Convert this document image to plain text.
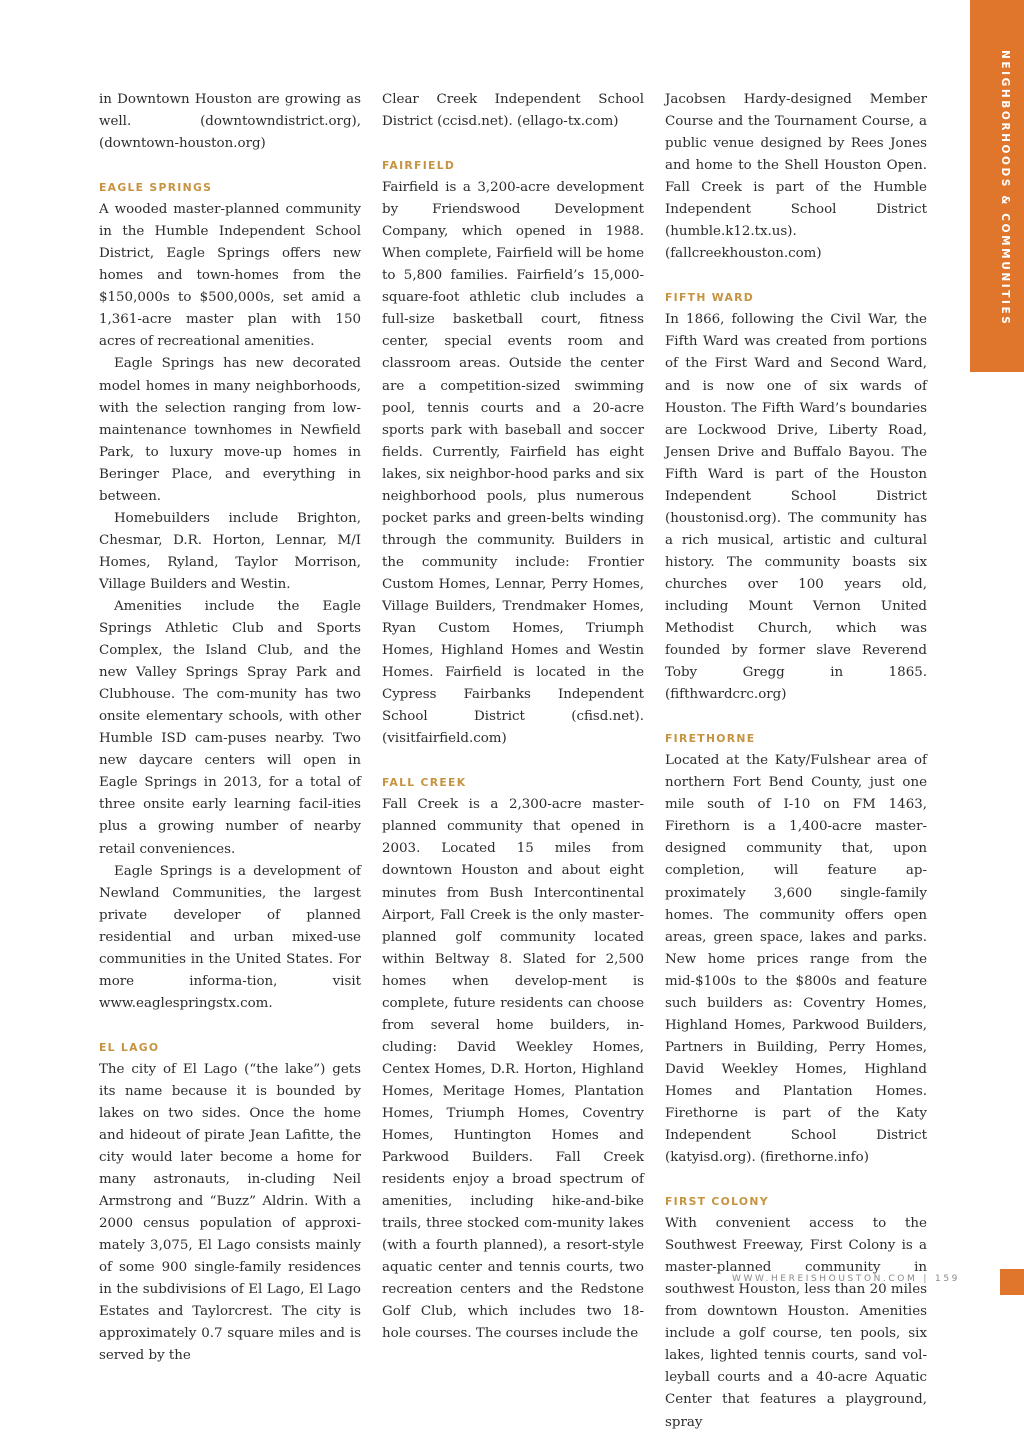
NEIGHBORHOODS & COMMUNITIES

in Downtown Houston are growing as well. (downtowndistrict.org), (downtown-houston.org)

EAGLE SPRINGS

A wooded master-planned community in the Humble Independent School District, Eagle Springs offers new homes and town-homes from the $150,000s to $500,000s, set amid a 1,361-acre master plan with 150 acres of recreational amenities.

Eagle Springs has new decorated model homes in many neighborhoods, with the selection ranging from low-maintenance townhomes in Newfield Park, to luxury move-up homes in Beringer Place, and everything in between.

Homebuilders include Brighton, Chesmar, D.R. Horton, Lennar, M/I Homes, Ryland, Taylor Morrison, Village Builders and Westin.

Amenities include the Eagle Springs Athletic Club and Sports Complex, the Island Club, and the new Valley Springs Spray Park and Clubhouse. The com-munity has two onsite elementary schools, with other Humble ISD cam-puses nearby. Two new daycare centers will open in Eagle Springs in 2013, for a total of three onsite early learning facil-ities plus a growing number of nearby retail conveniences.

Eagle Springs is a development of Newland Communities, the largest private developer of planned residential and urban mixed-use communities in the United States. For more informa-tion, visit www.eaglespringstx.com.

EL LAGO

The city of El Lago (“the lake”) gets its name because it is bounded by lakes on two sides. Once the home and hideout of pirate Jean Lafitte, the city would later become a home for many astronauts, in-cluding Neil Armstrong and “Buzz” Aldrin. With a 2000 census population of approxi-mately 3,075, El Lago consists mainly of some 900 single-family residences in the subdivisions of El Lago, El Lago Estates and Taylorcrest. The city is approximately 0.7 square miles and is served by the

Clear Creek Independent School District (ccisd.net). (ellago-tx.com)

FAIRFIELD

Fairfield is a 3,200-acre development by Friendswood Development Company, which opened in 1988. When complete, Fairfield will be home to 5,800 families. Fairfield’s 15,000- square-foot athletic club includes a full-size basketball court, fitness center, special events room and classroom areas. Outside the center are a competition-sized swimming pool, tennis courts and a 20-acre sports park with baseball and soccer fields. Currently, Fairfield has eight lakes, six neighbor-hood parks and six neighborhood pools, plus numerous pocket parks and green-belts winding through the community. Builders in the community include: Frontier Custom Homes, Lennar, Perry Homes, Village Builders, Trendmaker Homes, Ryan Custom Homes, Triumph Homes, Highland Homes and Westin Homes. Fairfield is located in the Cypress Fairbanks Independent School District (cfisd.net). (visitfairfield.com)

FALL CREEK

Fall Creek is a 2,300-acre master-planned community that opened in 2003. Located 15 miles from downtown Houston and about eight minutes from Bush Intercontinental Airport, Fall Creek is the only master-planned golf community located within Beltway 8. Slated for 2,500 homes when develop-ment is complete, future residents can choose from several home builders, in-cluding: David Weekley Homes, Centex Homes, D.R. Horton, Highland Homes, Meritage Homes, Plantation Homes, Triumph Homes, Coventry Homes, Huntington Homes and Parkwood Builders. Fall Creek residents enjoy a broad spectrum of amenities, including hike-and-bike trails, three stocked com-munity lakes (with a fourth planned), a resort-style aquatic center and tennis courts, two recreation centers and the Redstone Golf Club, which includes two 18- hole courses. The courses include the

Jacobsen Hardy-designed Member Course and the Tournament Course, a public venue designed by Rees Jones and home to the Shell Houston Open. Fall Creek is part of the Humble Independent School District (humble.k12.tx.us). (fallcreekhouston.com)

FIFTH WARD

In 1866, following the Civil War, the Fifth Ward was created from portions of the First Ward and Second Ward, and is now one of six wards of Houston. The Fifth Ward’s boundaries are Lockwood Drive, Liberty Road, Jensen Drive and Buffalo Bayou. The Fifth Ward is part of the Houston Independent School District (houstonisd.org). The community has a rich musical, artistic and cultural history. The community boasts six churches over 100 years old, including Mount Vernon United Methodist Church, which was founded by former slave Reverend Toby Gregg in 1865. (fifthwardcrc.org)

FIRETHORNE

Located at the Katy/Fulshear area of northern Fort Bend County, just one mile south of I-10 on FM 1463, Firethorn is a 1,400-acre master-designed community that, upon completion, will feature ap-proximately 3,600 single-family homes. The community offers open areas, green space, lakes and parks. New home prices range from the mid-$100s to the $800s and feature such builders as: Coventry Homes, Highland Homes, Parkwood Builders, Partners in Building, Perry Homes, David Weekley Homes, Highland Homes and Plantation Homes. Firethorne is part of the Katy Independent School District (katyisd.org). (firethorne.info)

FIRST COLONY

With convenient access to the Southwest Freeway, First Colony is a master-planned community in southwest Houston, less than 20 miles from downtown Houston. Amenities include a golf course, ten pools, six lakes, lighted tennis courts, sand vol-leyball courts and a 40-acre Aquatic Center that features a playground, spray

WWW.HEREISHOUSTON.COM | 159
